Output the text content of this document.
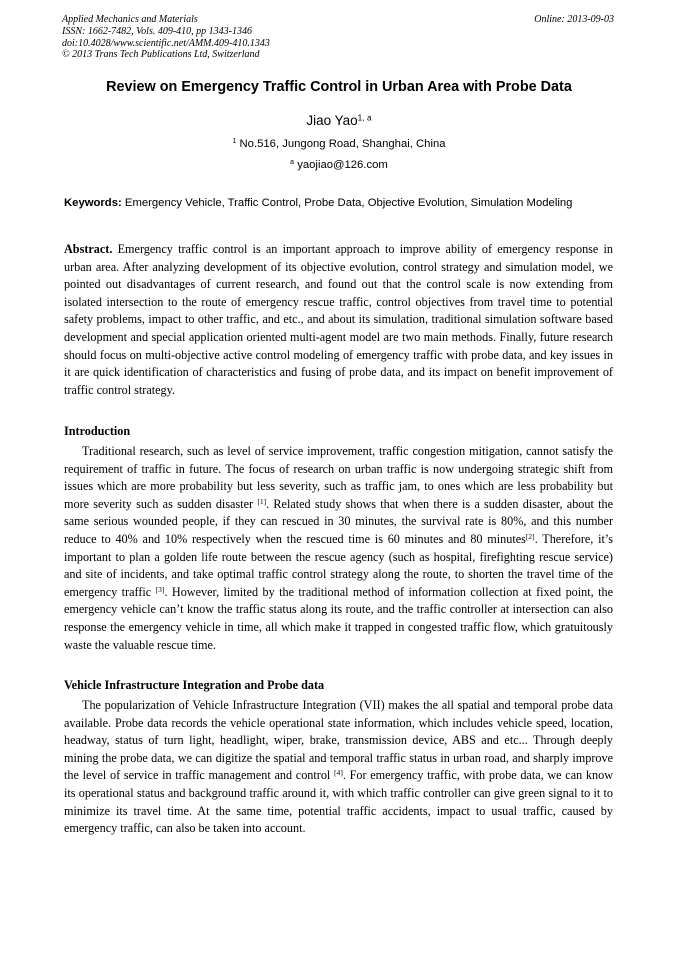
Applied Mechanics and Materials
ISSN: 1662-7482, Vols. 409-410, pp 1343-1346
doi:10.4028/www.scientific.net/AMM.409-410.1343
© 2013 Trans Tech Publications Ltd, Switzerland
Online: 2013-09-03
Review on Emergency Traffic Control in Urban Area with Probe Data
Jiao Yao$^{1, a}$
$^1$ No.516, Jungong Road, Shanghai, China
$^a$ yaojiao@126.com
Keywords: Emergency Vehicle, Traffic Control, Probe Data, Objective Evolution, Simulation Modeling
Abstract. Emergency traffic control is an important approach to improve ability of emergency response in urban area. After analyzing development of its objective evolution, control strategy and simulation model, we pointed out disadvantages of current research, and found out that the control scale is now extending from isolated intersection to the route of emergency rescue traffic, control objectives from travel time to potential safety problems, impact to other traffic, and etc., and about its simulation, traditional simulation software based development and special application oriented multi-agent model are two main methods. Finally, future research should focus on multi-objective active control modeling of emergency traffic with probe data, and key issues in it are quick identification of characteristics and fusing of probe data, and its impact on benefit improvement of traffic control strategy.
Introduction
Traditional research, such as level of service improvement, traffic congestion mitigation, cannot satisfy the requirement of traffic in future. The focus of research on urban traffic is now undergoing strategic shift from issues which are more probability but less severity, such as traffic jam, to ones which are less probability but more severity such as sudden disaster [1]. Related study shows that when there is a sudden disaster, about the same serious wounded people, if they can rescued in 30 minutes, the survival rate is 80%, and this number reduce to 40% and 10% respectively when the rescued time is 60 minutes and 80 minutes[2]. Therefore, it’s important to plan a golden life route between the rescue agency (such as hospital, firefighting rescue service) and site of incidents, and take optimal traffic control strategy along the route, to shorten the travel time of the emergency traffic [3]. However, limited by the traditional method of information collection at fixed point, the emergency vehicle can’t know the traffic status along its route, and the traffic controller at intersection can also response the emergency vehicle in time, all which make it trapped in congested traffic flow, which gratuitously waste the valuable rescue time.
Vehicle Infrastructure Integration and Probe data
The popularization of Vehicle Infrastructure Integration (VII) makes the all spatial and temporal probe data available. Probe data records the vehicle operational state information, which includes vehicle speed, location, headway, status of turn light, headlight, wiper, brake, transmission device, ABS and etc... Through deeply mining the probe data, we can digitize the spatial and temporal traffic status in urban road, and sharply improve the level of service in traffic management and control [4]. For emergency traffic, with probe data, we can know its operational status and background traffic around it, with which traffic controller can give green signal to it to minimize its travel time. At the same time, potential traffic accidents, impact to usual traffic, caused by emergency traffic, can also be taken into account.
